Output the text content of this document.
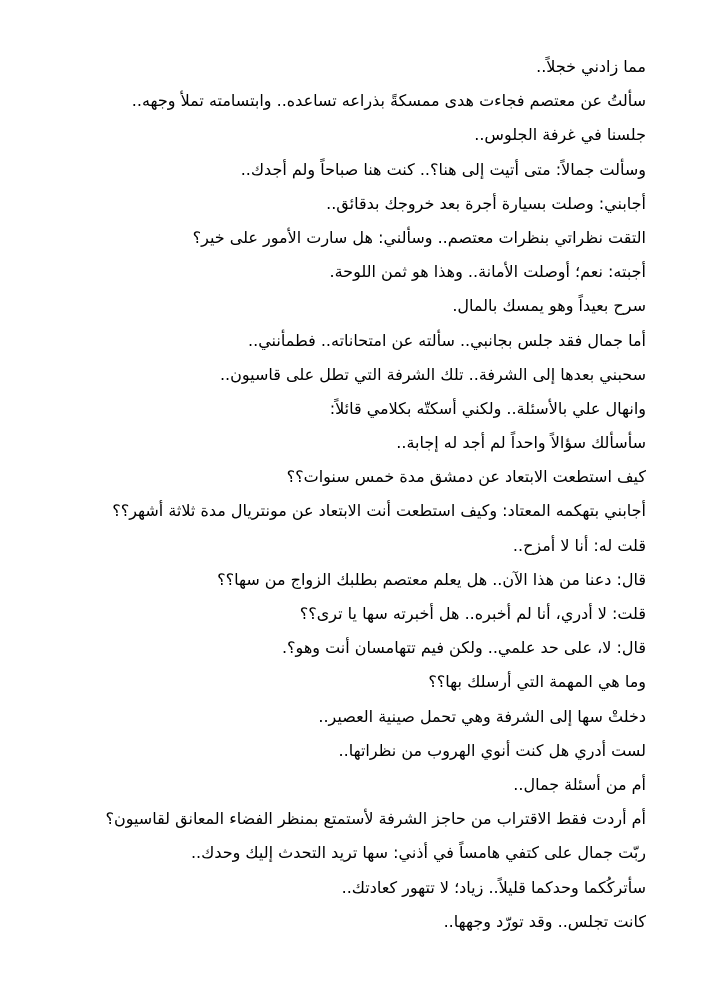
مما زادني خجلاً..
سألتُ عن معتصم فجاءت هدى ممسكةً بذراعه تساعده.. وابتسامته تملأ وجهه..
جلسنا في غرفة الجلوس..
وسألت جمالاً: متى أتيت إلى هنا؟.. كنت هنا صباحاً ولم أجدك..
أجابني: وصلت بسيارة أجرة بعد خروجك بدقائق..
التقت نظراتي بنظرات معتصم.. وسألني: هل سارت الأمور على خير؟
أجبته: نعم؛ أوصلت الأمانة.. وهذا هو ثمن اللوحة.
سرح بعيداً وهو يمسك بالمال.
أما جمال فقد جلس بجانبي.. سألته عن امتحاناته.. فطمأنني..
سحبني بعدها إلى الشرفة.. تلك الشرفة التي تطل على قاسيون..
وانهال علي بالأسئلة.. ولكني أسكتّه بكلامي قائلاً:
سأسألك سؤالاً واحداً لم أجد له إجابة..
كيف استطعت الابتعاد عن دمشق مدة خمس سنوات؟؟
أجابني بتهكمه المعتاد: وكيف استطعت أنت الابتعاد عن مونتريال مدة ثلاثة أشهر؟؟
قلت له: أنا لا أمزح..
قال: دعنا من هذا الآن.. هل يعلم معتصم بطلبك الزواج من سها؟؟
قلت: لا أدري، أنا لم أخبره.. هل أخبرته سها يا ترى؟؟
قال: لا، على حد علمي.. ولكن فيم تتهامسان أنت وهو؟.
وما هي المهمة التي أرسلك بها؟؟
دخلتْ سها إلى الشرفة وهي تحمل صينية العصير..
لست أدري هل كنت أنوي الهروب من نظراتها..
أم من أسئلة جمال..
أم أردت فقط الاقتراب من حاجز الشرفة لأستمتع بمنظر الفضاء المعانق لقاسيون؟
ربّت جمال على كتفي هامساً في أذني: سها تريد التحدث إليك وحدك..
سأتركُكما وحدكما قليلاً.. زياد؛ لا تتهور كعادتك..
كانت تجلس.. وقد تورّد وجهها..
